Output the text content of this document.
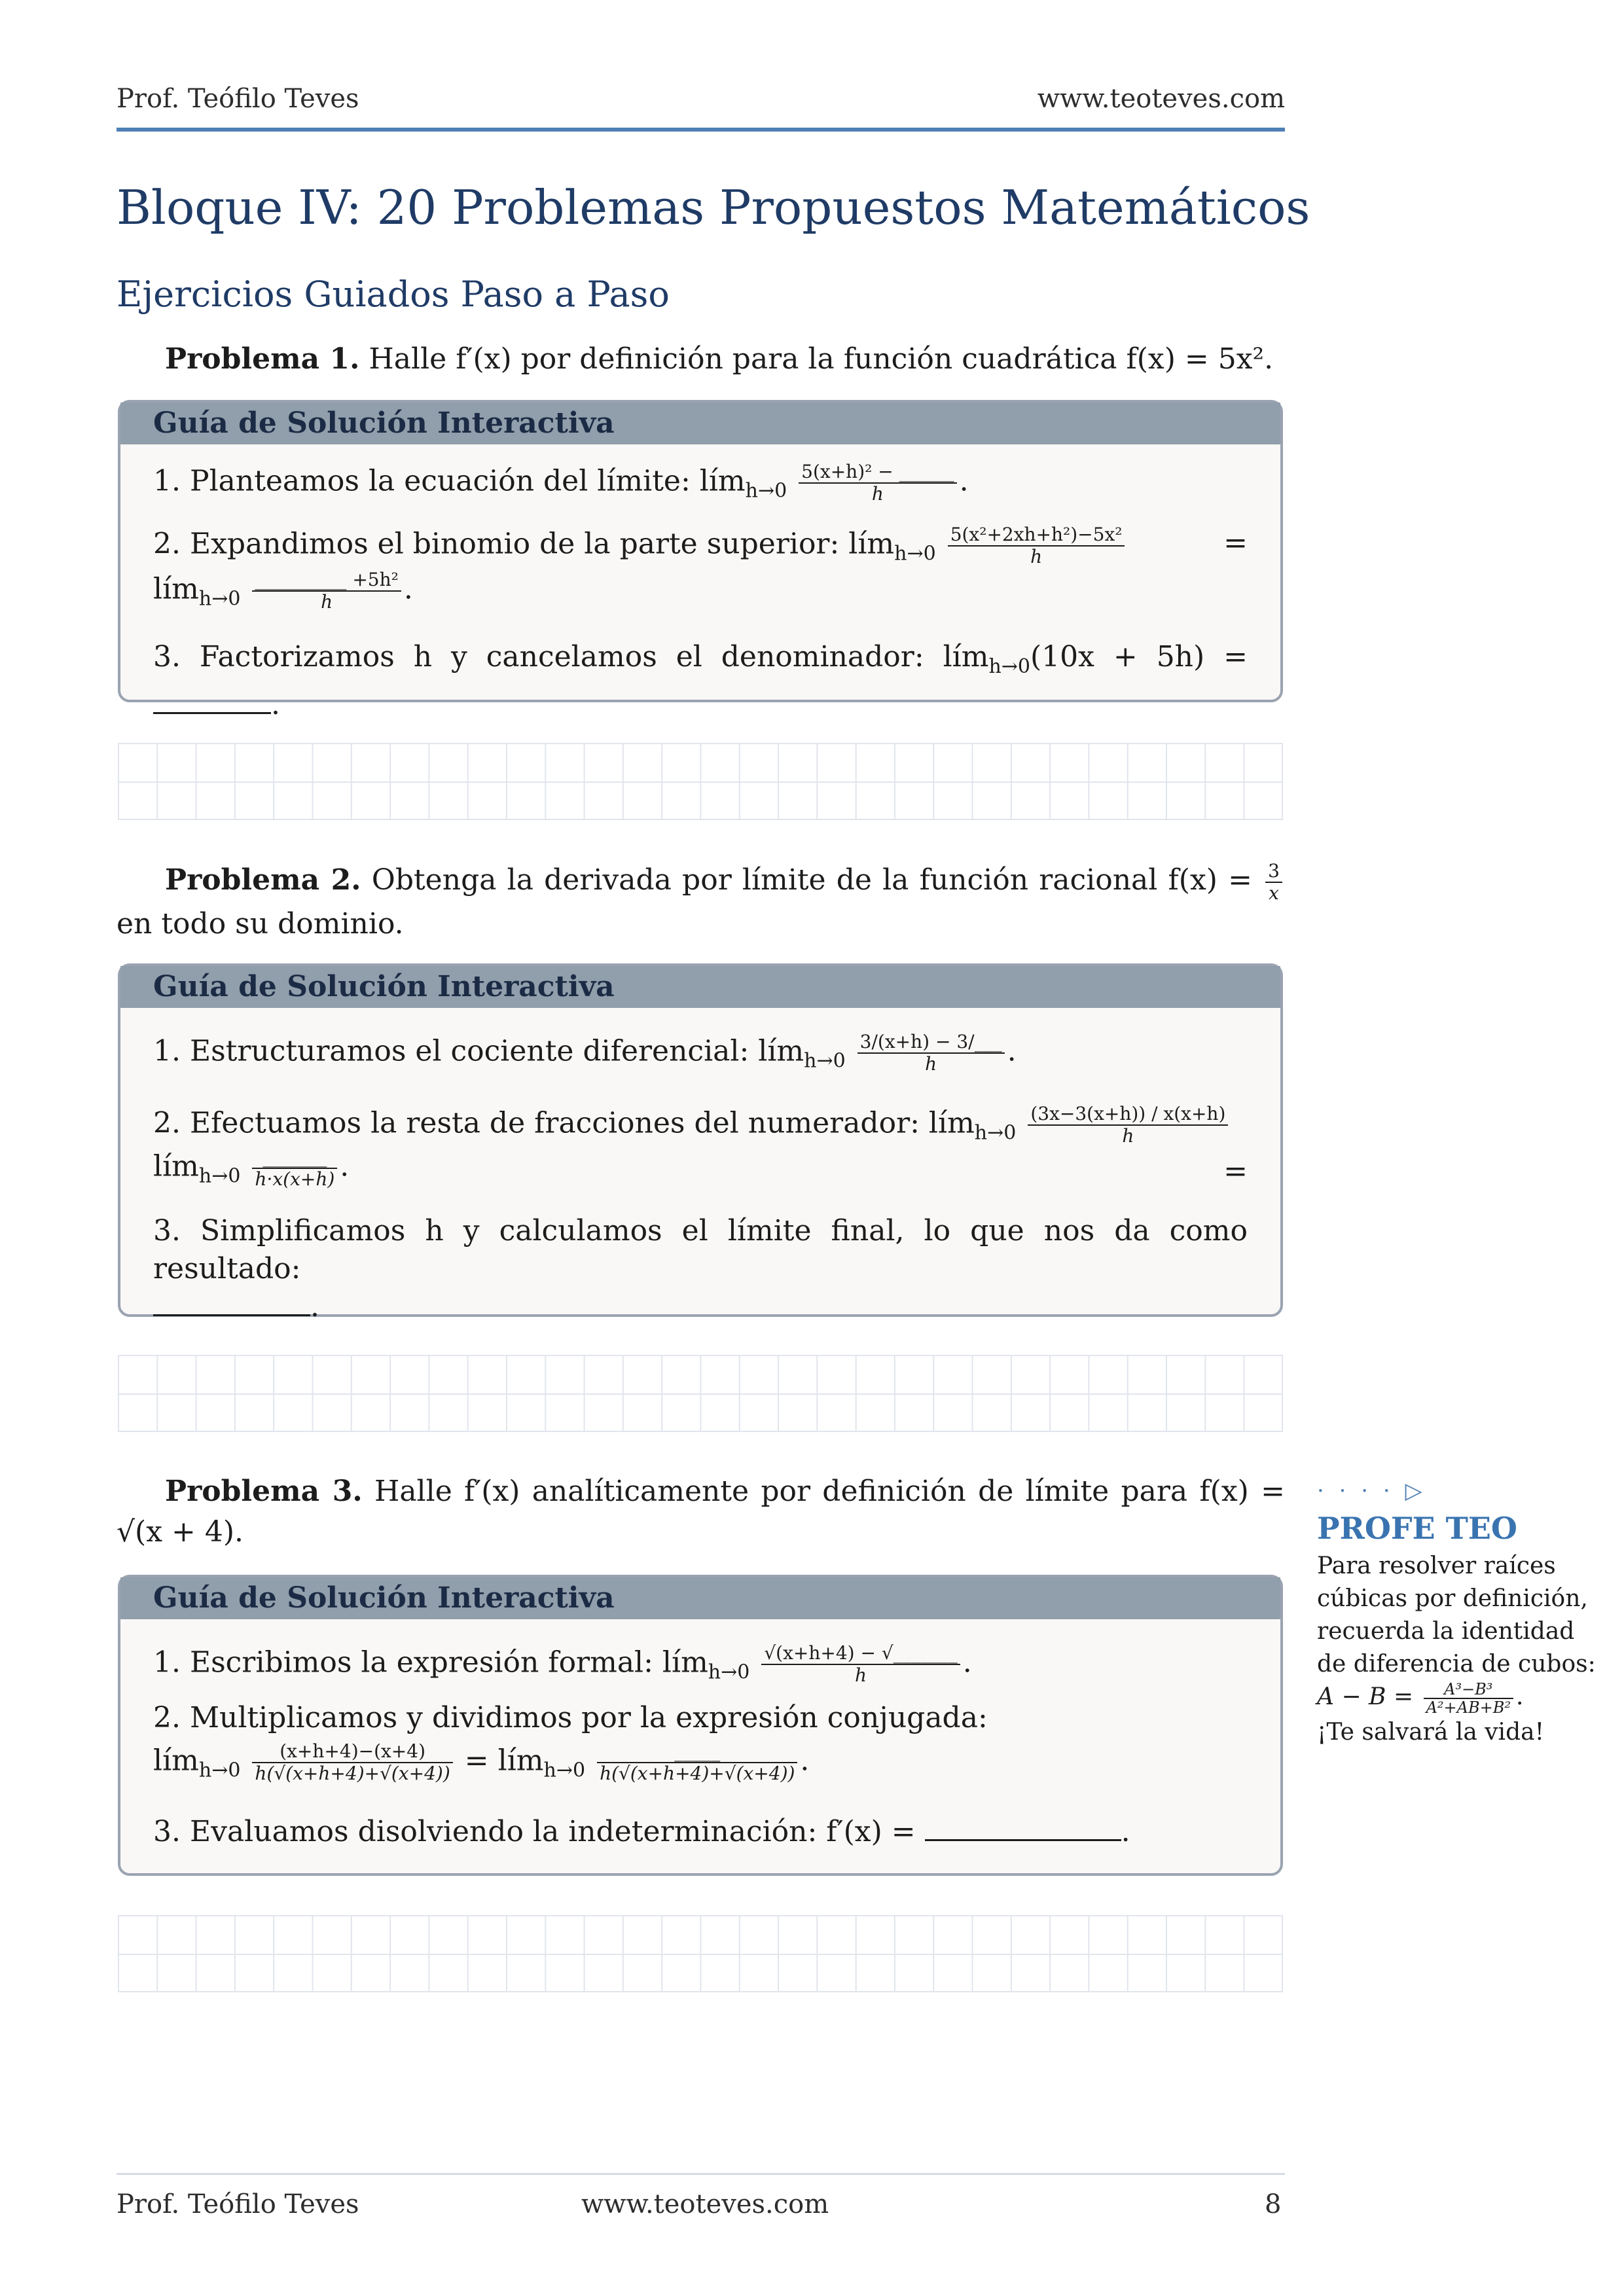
Prof. Teófilo Teves	www.teoteves.com
Bloque IV: 20 Problemas Propuestos Matemáticos
Ejercicios Guiados Paso a Paso
Problema 1. Halle f′(x) por definición para la función cuadrática f(x) = 5x².
Guía de Solución Interactiva
1. Planteamos la ecuación del límite: lím$_{h\to 0}$ $\frac{\text{5(x+h)² − \_\_\_\_\_\_}}{h}$ .
2. Expandimos el binomio de la parte superior: lím$_{h\to 0}$ $\frac{\text{5(x²+2xh+h²)−5x²}}{h}$	=
lím$_{h\to 0}$ $\frac{\text{\_\_\_\_\_\_\_\_\_\_ +5h²}}{h}$ .
3. Factorizamos h y cancelamos el denominador: lím$_{h\to 0}$(10x + 5h) = .
Problema 2. Obtenga la derivada por límite de la función racional $f(x) = \frac{3}{x}$
en todo su dominio.
Guía de Solución Interactiva
1. Estructuramos el cociente diferencial: lím$_{h\to 0}$ $\frac{3/(x+h) - 3/\_\_\_}{h}$ .
2. Efectuamos la resta de fracciones del numerador: lím$_{h\to 0}$ $\frac{(3x-3(x+h)) / x(x+h)}{h}$
=
lím$_{h\to 0}$ $\frac{\_\_\_\_\_\_\_}{h\cdot x(x+h)}$ .
3. Simplificamos h y calculamos el límite final, lo que nos da como resultado:
.
Problema 3. Halle f′(x) analíticamente por definición de límite para f(x) = √(x + 4).
Guía de Solución Interactiva
1. Escribimos la expresión formal: lím$_{h\to 0}$ $\frac{√(x+h+4) - √\_\_\_\_\_\_\_}{h}$ .
2. Multiplicamos y dividimos por la expresión conjugada:
lím$_{h\to 0}$ $\frac{(x+h+4)-(x+4)}{h(√(x+h+4)+√(x+4))}$ = lím$_{h\to 0}$ $\frac{\_\_\_\_\_}{h(√(x+h+4)+√(x+4))}$ .
3. Evaluamos disolviendo la indeterminación: f′(x) =	.
· · · · ▷
PROFE TEO
Para resolver raíces cúbicas por definición, recuerda la identidad de diferencia de cubos:
$A - B = \frac{\text{A³−B³}}{\text{A²+AB+B²}}$ .
¡Te salvará la vida!
Prof. Teófilo Teves	www.teoteves.com	8
